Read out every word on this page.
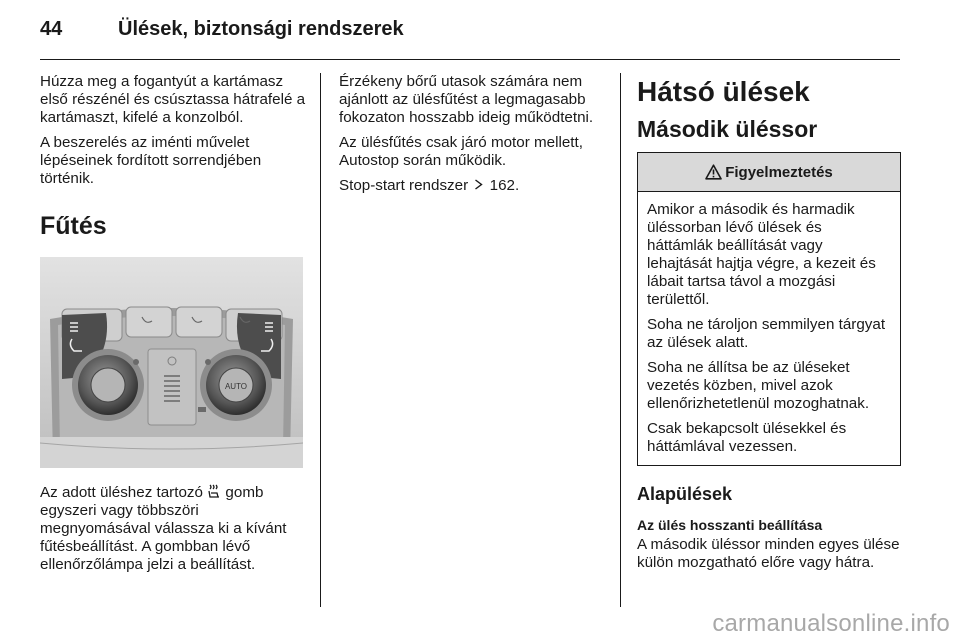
44	Ülések, biztonsági rendszerek

Húzza meg a fogantyút a kartámasz első részénél és csúsztassa hátrafelé a kartámaszt, kifelé a konzolból.

A beszerelés az iménti művelet lépéseinek fordított sorrendjében történik.

Fűtés
AUTO

Az adott üléshez tartozó gomb egyszeri vagy többszöri megnyomásával válassza ki a kívánt fűtésbeállítást. A gombban lévő ellenőrzőlámpa jelzi a beállítást.

Érzékeny bőrű utasok számára nem ajánlott az ülésfűtést a legmagasabb fokozaton hosszabb ideig működtetni.

Az ülésfűtés csak járó motor mellett, Autostop során működik.

Stop-start rendszer 162.

Hátsó ülések
Második üléssor
Figyelmeztetés

Amikor a második és harmadik üléssorban lévő ülések és háttámlák beállítását vagy lehajtását hajtja végre, a kezeit és lábait tartsa távol a mozgási területtől.

Soha ne tároljon semmilyen tárgyat az ülések alatt.

Soha ne állítsa be az üléseket vezetés közben, mivel azok ellenőrizhetetlenül mozoghatnak.

Csak bekapcsolt ülésekkel és háttámlával vezessen.

Alapülések
Az ülés hosszanti beállítása

A második üléssor minden egyes ülése külön mozgatható előre vagy hátra.

carmanualsonline.info
